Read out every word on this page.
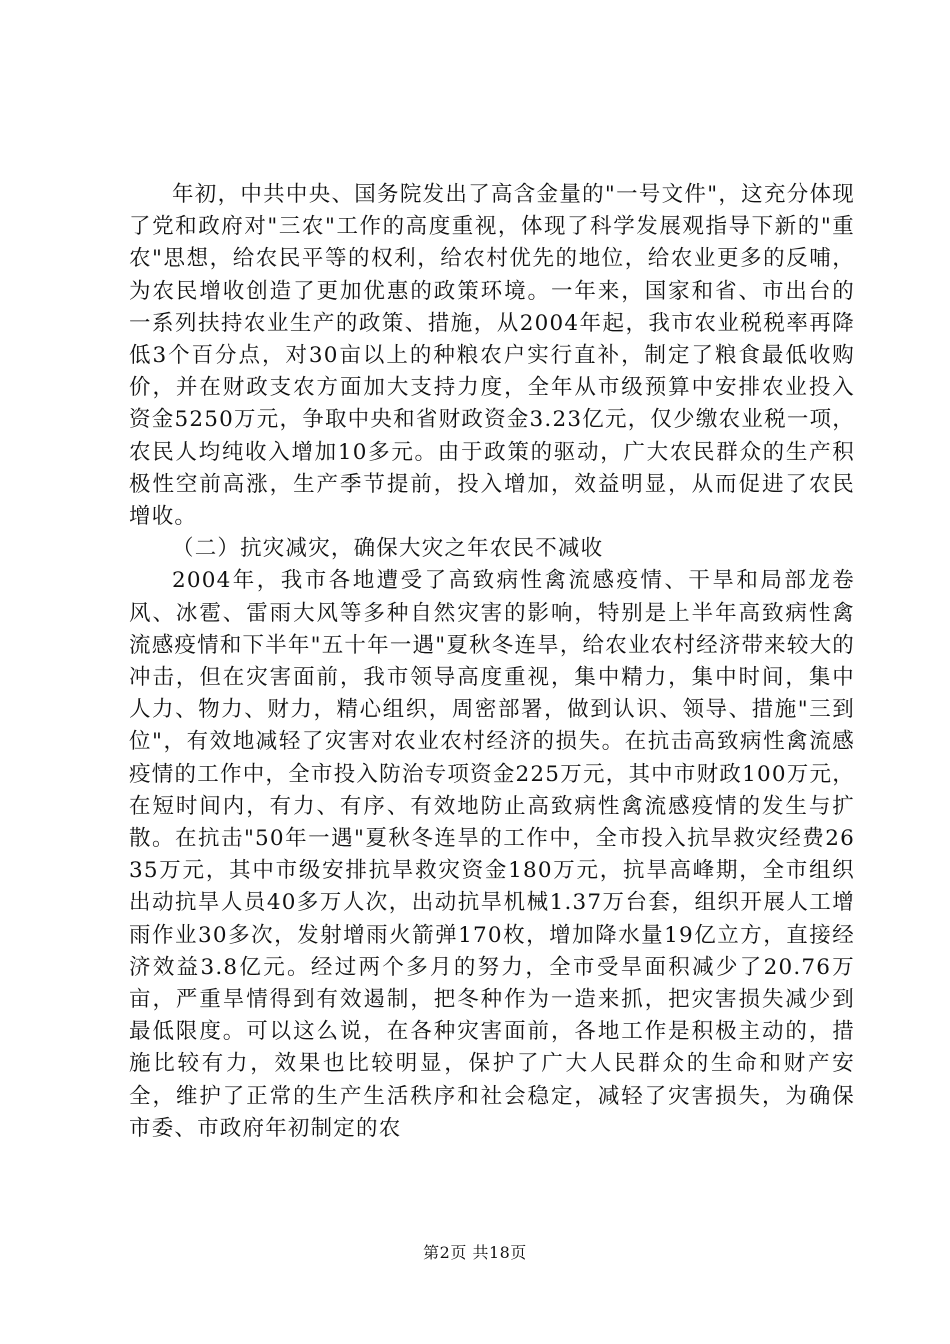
年初，中共中央、国务院发出了高含金量的"一号文件"，这充分体现了党和政府对"三农"工作的高度重视，体现了科学发展观指导下新的"重农"思想，给农民平等的权利，给农村优先的地位，给农业更多的反哺，为农民增收创造了更加优惠的政策环境。一年来，国家和省、市出台的一系列扶持农业生产的政策、措施，从2004年起，我市农业税税率再降低3个百分点，对30亩以上的种粮农户实行直补，制定了粮食最低收购价，并在财政支农方面加大支持力度，全年从市级预算中安排农业投入资金5250万元，争取中央和省财政资金3.23亿元，仅少缴农业税一项，农民人均纯收入增加10多元。由于政策的驱动，广大农民群众的生产积极性空前高涨，生产季节提前，投入增加，效益明显，从而促进了农民增收。

（二）抗灾减灾，确保大灾之年农民不减收

2004年，我市各地遭受了高致病性禽流感疫情、干旱和局部龙卷风、冰雹、雷雨大风等多种自然灾害的影响，特别是上半年高致病性禽流感疫情和下半年"五十年一遇"夏秋冬连旱，给农业农村经济带来较大的冲击，但在灾害面前，我市领导高度重视，集中精力，集中时间，集中人力、物力、财力，精心组织，周密部署，做到认识、领导、措施"三到位"，有效地减轻了灾害对农业农村经济的损失。在抗击高致病性禽流感疫情的工作中，全市投入防治专项资金225万元，其中市财政100万元，在短时间内，有力、有序、有效地防止高致病性禽流感疫情的发生与扩散。在抗击"50年一遇"夏秋冬连旱的工作中，全市投入抗旱救灾经费2635万元，其中市级安排抗旱救灾资金180万元，抗旱高峰期，全市组织出动抗旱人员40多万人次，出动抗旱机械1.37万台套，组织开展人工增雨作业30多次，发射增雨火箭弹170枚，增加降水量19亿立方，直接经济效益3.8亿元。经过两个多月的努力，全市受旱面积减少了20.76万亩，严重旱情得到有效遏制，把冬种作为一造来抓，把灾害损失减少到最低限度。可以这么说，在各种灾害面前，各地工作是积极主动的，措施比较有力，效果也比较明显，保护了广大人民群众的生命和财产安全，维护了正常的生产生活秩序和社会稳定，减轻了灾害损失，为确保市委、市政府年初制定的农

第2页 共18页
